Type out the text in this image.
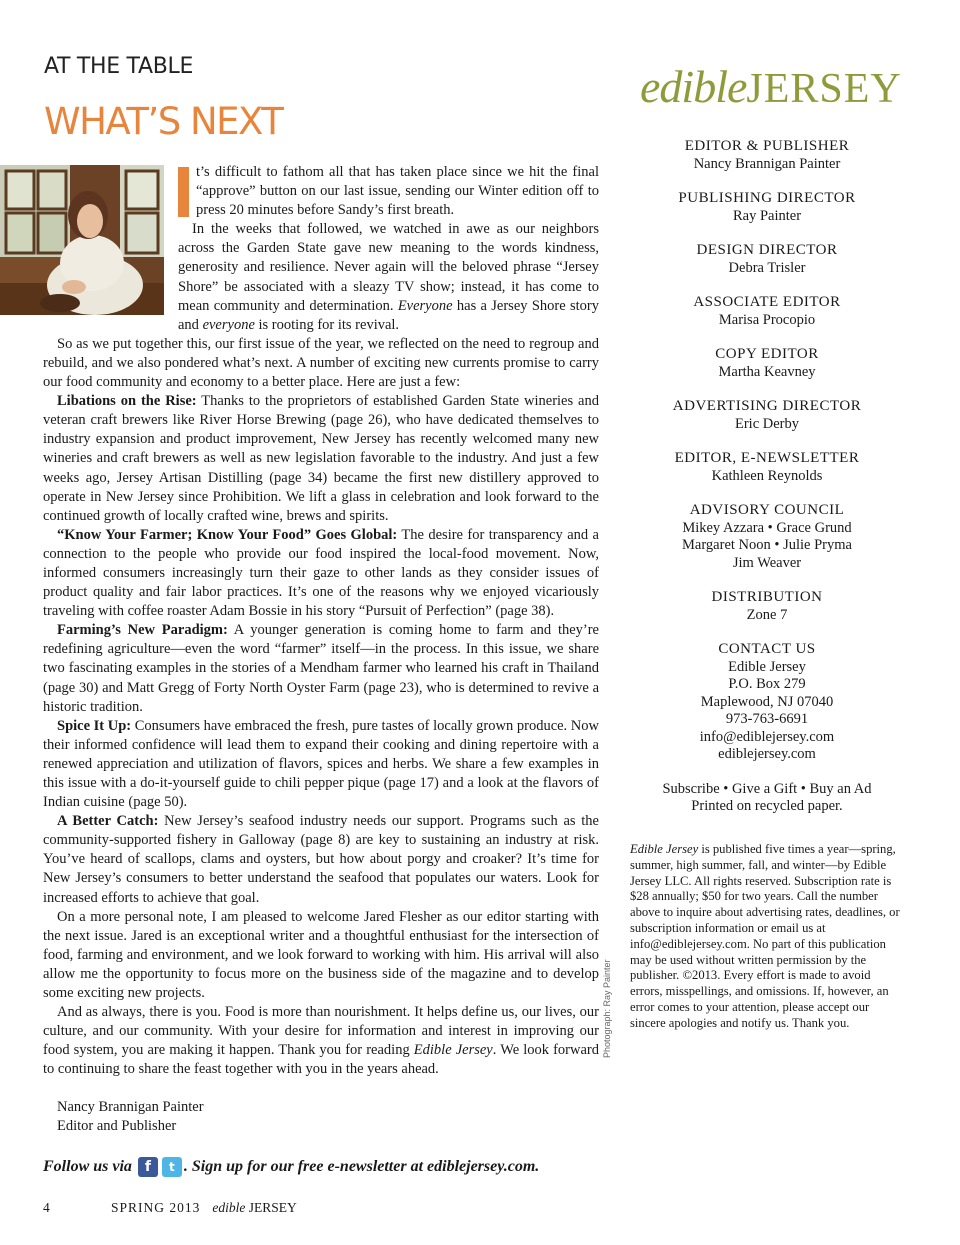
AT THE TABLE
WHAT’S NEXT
edibleJERSEY

t’s difficult to fathom all that has taken place since we hit the final “approve” button on our last issue, sending our Winter edition off to press 20 minutes before Sandy’s first breath.

In the weeks that followed, we watched in awe as our neighbors across the Garden State gave new meaning to the words kindness, generosity and resilience. Never again will the beloved phrase “Jersey Shore” be associated with a sleazy TV show; instead, it has come to mean community and determination. Everyone has a Jersey Shore story and everyone is rooting for its revival.

So as we put together this, our first issue of the year, we reflected on the need to regroup and rebuild, and we also pondered what’s next. A number of exciting new currents promise to carry our food community and economy to a better place. Here are just a few:

Libations on the Rise: Thanks to the proprietors of established Garden State wineries and veteran craft brewers like River Horse Brewing (page 26), who have dedicated themselves to industry expansion and product improvement, New Jersey has recently welcomed many new wineries and craft brewers as well as new legislation favorable to the industry. And just a few weeks ago, Jersey Artisan Distilling (page 34) became the first new distillery approved to operate in New Jersey since Prohibition. We lift a glass in celebration and look forward to the continued growth of locally crafted wine, brews and spirits.

“Know Your Farmer; Know Your Food” Goes Global: The desire for transparency and a connection to the people who provide our food inspired the local-food movement. Now, informed consumers increasingly turn their gaze to other lands as they consider issues of product quality and fair labor practices. It’s one of the reasons why we enjoyed vicariously traveling with coffee roaster Adam Bossie in his story “Pursuit of Perfection” (page 38).

Farming’s New Paradigm: A younger generation is coming home to farm and they’re redefining agriculture—even the word “farmer” itself—in the process. In this issue, we share two fascinating examples in the stories of a Mendham farmer who learned his craft in Thailand (page 30) and Matt Gregg of Forty North Oyster Farm (page 23), who is determined to revive a historic tradition.

Spice It Up: Consumers have embraced the fresh, pure tastes of locally grown produce. Now their informed confidence will lead them to expand their cooking and dining repertoire with a renewed appreciation and utilization of flavors, spices and herbs. We share a few examples in this issue with a do-it-yourself guide to chili pepper pique (page 17) and a look at the flavors of Indian cuisine (page 50).

A Better Catch: New Jersey’s seafood industry needs our support. Programs such as the community-supported fishery in Galloway (page 8) are key to sustaining an industry at risk. You’ve heard of scallops, clams and oysters, but how about porgy and croaker? It’s time for New Jersey’s consumers to better understand the seafood that populates our waters. Look for increased efforts to achieve that goal.

On a more personal note, I am pleased to welcome Jared Flesher as our editor starting with the next issue. Jared is an exceptional writer and a thoughtful enthusiast for the intersection of food, farming and environment, and we look forward to working with him. His arrival will also allow me the opportunity to focus more on the business side of the magazine and to develop some exciting new projects.

And as always, there is you. Food is more than nourishment. It helps define us, our lives, our culture, and our community. With your desire for information and interest in improving our food system, you are making it happen. Thank you for reading Edible Jersey. We look forward to continuing to share the feast together with you in the years ahead.

Nancy Brannigan Painter
Editor and Publisher
Photograph: Ray Painter
Follow us via
f	t . Sign up for our free e-newsletter at ediblejersey.com.
4	SPRING 2013 edible JERSEY
EDITOR & PUBLISHER
Nancy Brannigan Painter
PUBLISHING DIRECTOR
Ray Painter
DESIGN DIRECTOR
Debra Trisler
ASSOCIATE EDITOR
Marisa Procopio
COPY EDITOR
Martha Keavney
ADVERTISING DIRECTOR
Eric Derby
EDITOR, E-NEWSLETTER
Kathleen Reynolds
ADVISORY COUNCIL
Mikey Azzara • Grace Grund
Margaret Noon • Julie Pryma
Jim Weaver
DISTRIBUTION
Zone 7
CONTACT US
Edible Jersey
P.O. Box 279
Maplewood, NJ 07040
973-763-6691
info@ediblejersey.com
ediblejersey.com
Subscribe • Give a Gift • Buy an Ad
Printed on recycled paper.
Edible Jersey is published five times a year—spring, summer, high summer, fall, and winter—by Edible Jersey LLC. All rights reserved. Subscription rate is $28 annually; $50 for two years. Call the number above to inquire about advertising rates, deadlines, or subscription information or email us at info@ediblejersey.com. No part of this publication may be used without written permission by the publisher. ©2013. Every effort is made to avoid errors, misspellings, and omissions. If, however, an error comes to your attention, please accept our sincere apologies and notify us. Thank you.
